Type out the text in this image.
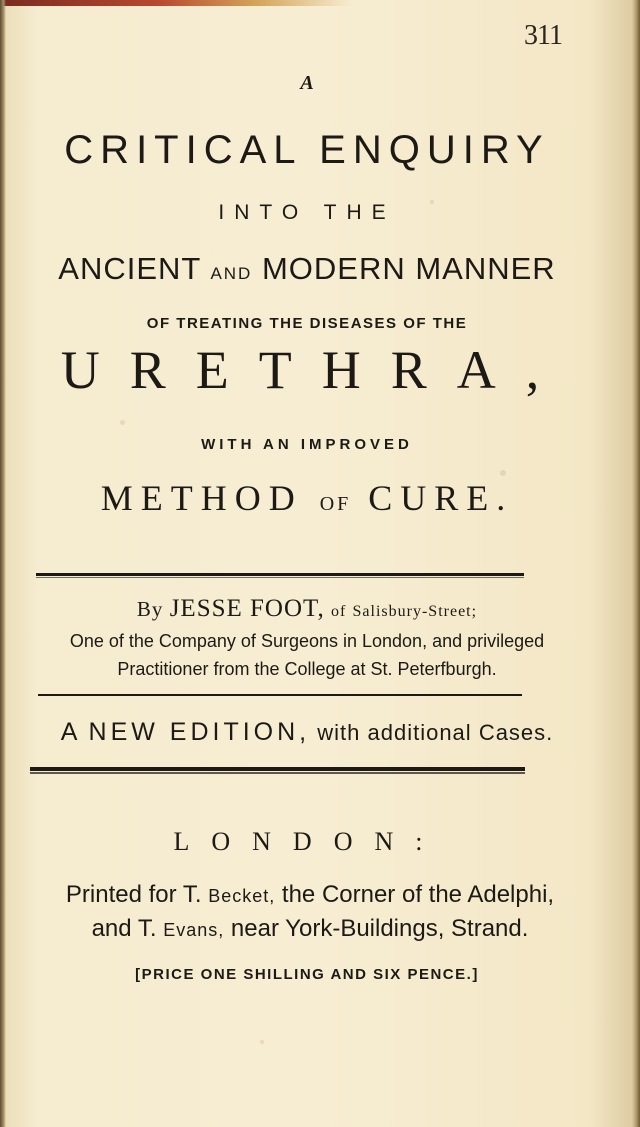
311
A
CRITICAL ENQUIRY
INTO THE
ANCIENT AND MODERN MANNER
OF TREATING THE DISEASES OF THE
URETHRA,
WITH AN IMPROVED
METHOD OF CURE.
By JESSE FOOT, of Salisbury-Street;
One of the Company of Surgeons in London, and privileged
Practitioner from the College at St. Peterfburgh.
A NEW EDITION, with additional Cases.
LONDON:
Printed for T. Becket, the Corner of the Adelphi,
and T. Evans, near York-Buildings, Strand.
[PRICE ONE SHILLING AND SIX PENCE.]
